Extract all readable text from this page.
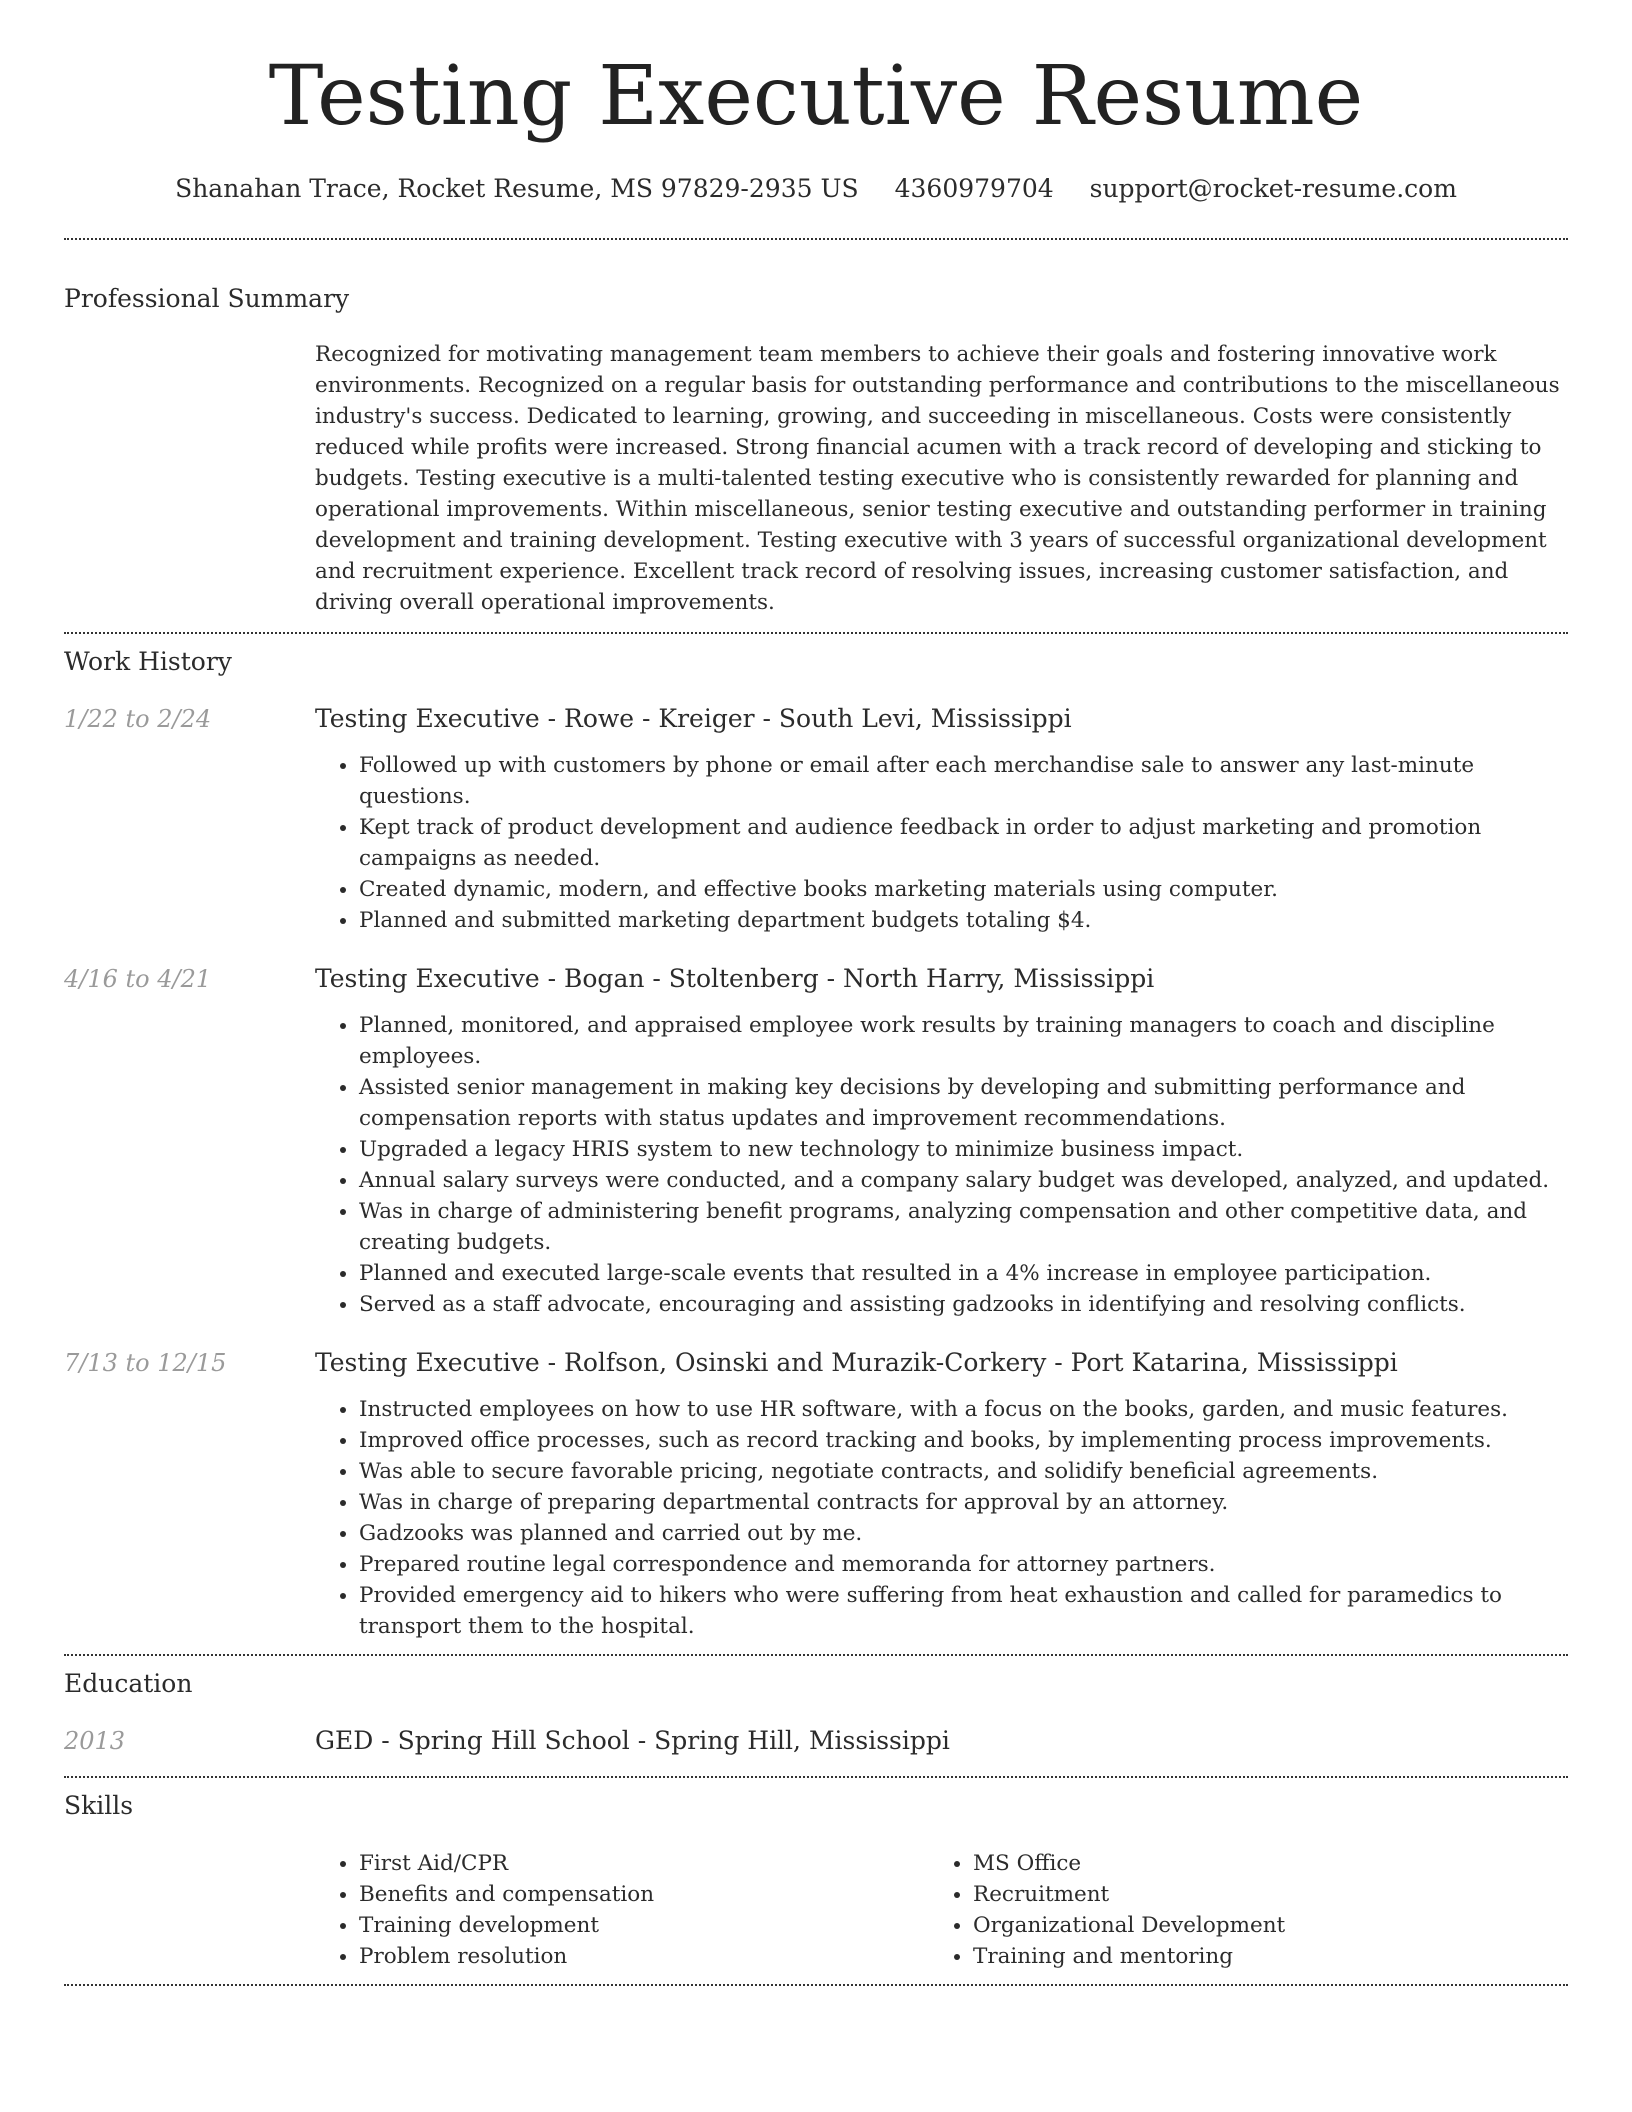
Testing Executive Resume
Shanahan Trace, Rocket Resume, MS 97829-2935 US 4360979704 support@rocket-resume.com
Professional Summary
Recognized for motivating management team members to achieve their goals and fostering innovative work environments. Recognized on a regular basis for outstanding performance and contributions to the miscellaneous industry's success. Dedicated to learning, growing, and succeeding in miscellaneous. Costs were consistently reduced while profits were increased. Strong financial acumen with a track record of developing and sticking to budgets. Testing executive is a multi-talented testing executive who is consistently rewarded for planning and operational improvements. Within miscellaneous, senior testing executive and outstanding performer in training development and training development. Testing executive with 3 years of successful organizational development and recruitment experience. Excellent track record of resolving issues, increasing customer satisfaction, and driving overall operational improvements.
Work History
1/22 to 2/24	Testing Executive - Rowe - Kreiger - South Levi, Mississippi
• Followed up with customers by phone or email after each merchandise sale to answer any last-minute questions.
• Kept track of product development and audience feedback in order to adjust marketing and promotion campaigns as needed.
• Created dynamic, modern, and effective books marketing materials using computer.
• Planned and submitted marketing department budgets totaling $4.
4/16 to 4/21	Testing Executive - Bogan - Stoltenberg - North Harry, Mississippi
• Planned, monitored, and appraised employee work results by training managers to coach and discipline employees.
• Assisted senior management in making key decisions by developing and submitting performance and compensation reports with status updates and improvement recommendations.
• Upgraded a legacy HRIS system to new technology to minimize business impact.
• Annual salary surveys were conducted, and a company salary budget was developed, analyzed, and updated.
• Was in charge of administering benefit programs, analyzing compensation and other competitive data, and creating budgets.
• Planned and executed large-scale events that resulted in a 4% increase in employee participation.
• Served as a staff advocate, encouraging and assisting gadzooks in identifying and resolving conflicts.
7/13 to 12/15	Testing Executive - Rolfson, Osinski and Murazik-Corkery - Port Katarina, Mississippi
• Instructed employees on how to use HR software, with a focus on the books, garden, and music features.
• Improved office processes, such as record tracking and books, by implementing process improvements.
• Was able to secure favorable pricing, negotiate contracts, and solidify beneficial agreements.
• Was in charge of preparing departmental contracts for approval by an attorney.
• Gadzooks was planned and carried out by me.
• Prepared routine legal correspondence and memoranda for attorney partners.
• Provided emergency aid to hikers who were suffering from heat exhaustion and called for paramedics to transport them to the hospital.
Education
2013	GED - Spring Hill School - Spring Hill, Mississippi
Skills
• First Aid/CPR
• Benefits and compensation
• Training development
• Problem resolution
• MS Office
• Recruitment
• Organizational Development
• Training and mentoring
